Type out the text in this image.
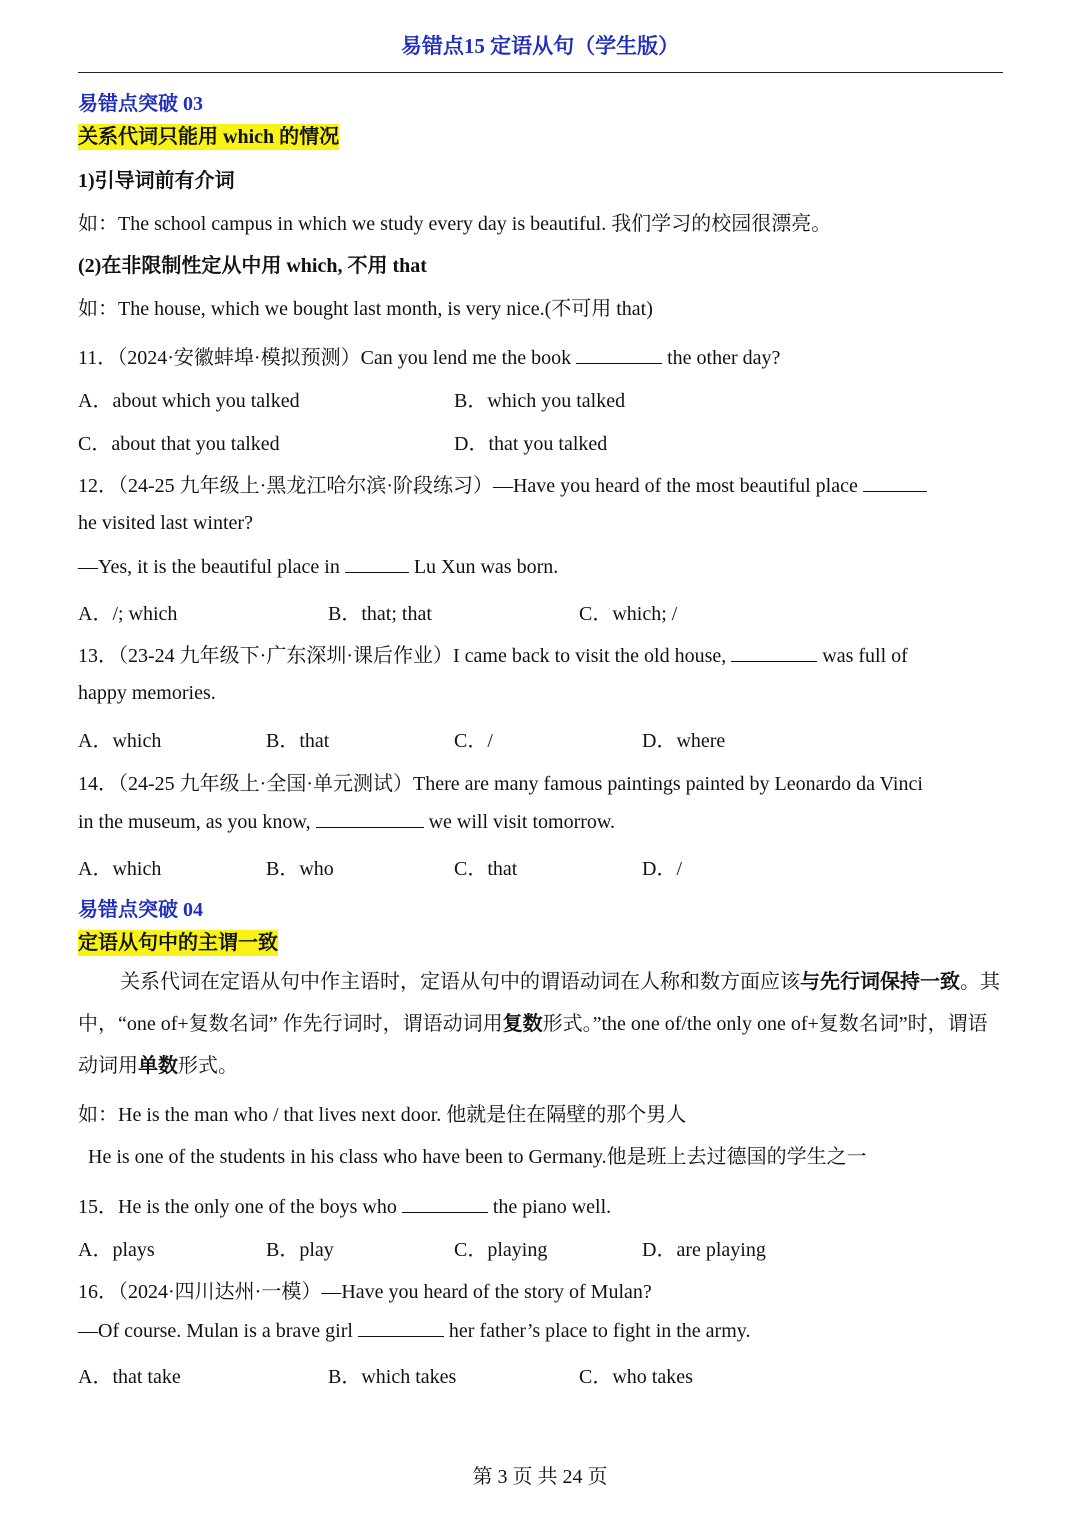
易错点15 定语从句（学生版）
易错点突破 03
关系代词只能用 which 的情况
1)引导词前有介词
如：The school campus in which we study every day is beautiful. 我们学习的校园很漂亮。
(2)在非限制性定从中用 which, 不用 that
如：The house, which we bought last month, is very nice.(不可用 that)
11．（2024·安徽蚌埠·模拟预测）Can you lend me the book	the other day?
A．about which you talked	B．which you talked
C．about that you talked	D．that you talked
12．（24-25 九年级上·黑龙江哈尔滨·阶段练习）—Have you heard of the most beautiful place
he visited last winter?
—Yes, it is the beautiful place in	Lu Xun was born.
A．/; which	B．that; that	C．which; /
13．（23-24 九年级下·广东深圳·课后作业）I came back to visit the old house,	was full of
happy memories.
A．which	B．that	C．/	D．where
14．（24-25 九年级上·全国·单元测试）There are many famous paintings painted by Leonardo da Vinci
in the museum, as you know,	we will visit tomorrow.
A．which	B．who	C．that	D．/
易错点突破 04
定语从句中的主谓一致
关系代词在定语从句中作主语时，定语从句中的谓语动词在人称和数方面应该与先行词保持一致。其中，“one of+复数名词” 作先行词时，谓语动词用复数形式。”the one of/the only one of+复数名词”时，谓语动词用单数形式。
如：He is the man who / that lives next door. 他就是住在隔壁的那个男人
He is one of the students in his class who have been to Germany.他是班上去过德国的学生之一
15．He is the only one of the boys who	the piano well.
A．plays	B．play	C．playing	D．are playing
16．（2024·四川达州·一模）—Have you heard of the story of Mulan?
—Of course. Mulan is a brave girl	her father’s place to fight in the army.
A．that take	B．which takes	C．who takes
第 3 页 共 24 页
